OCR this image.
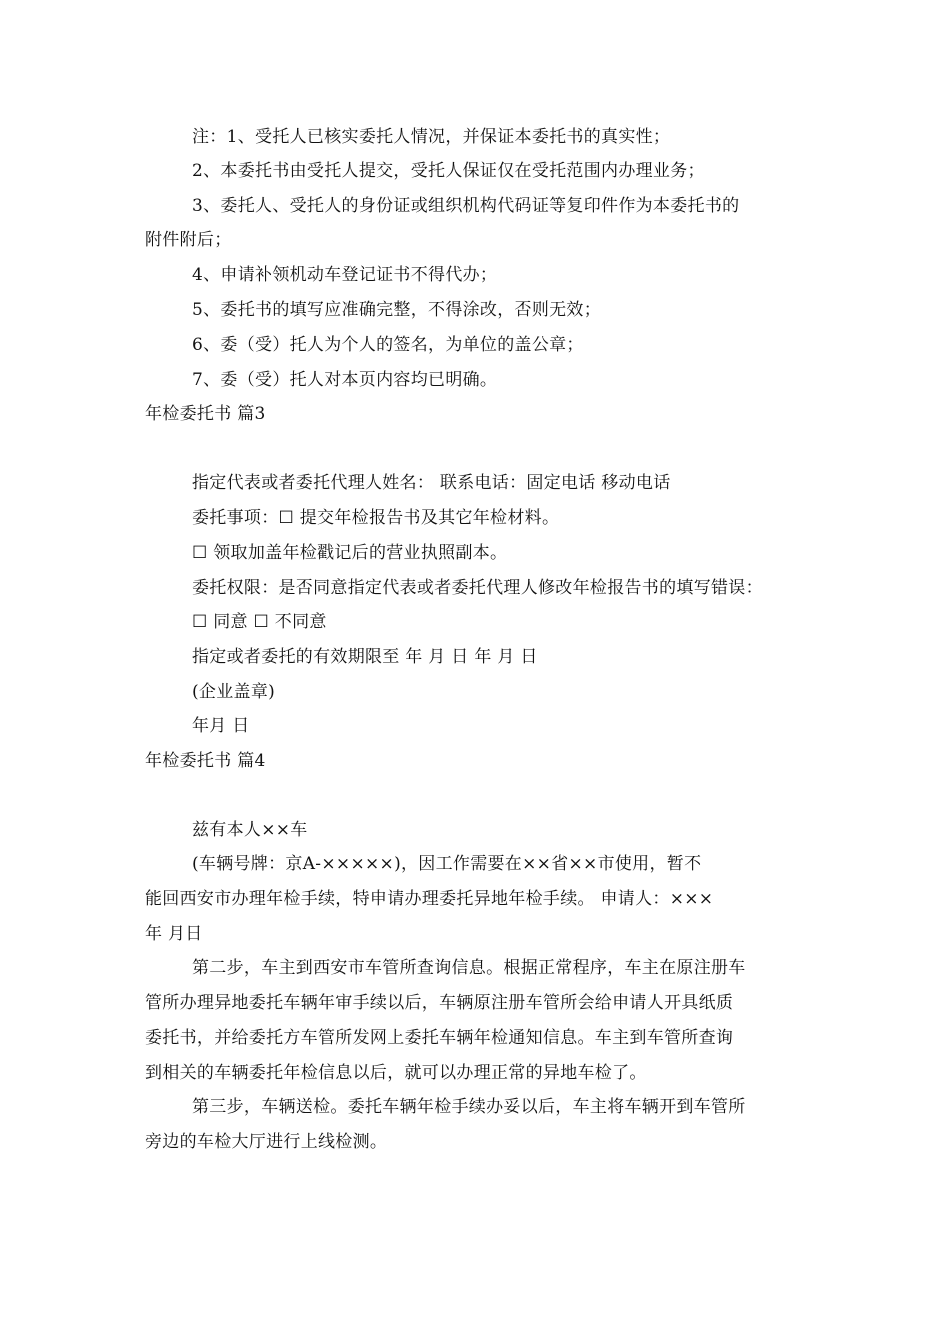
注：1、受托人已核实委托人情况，并保证本委托书的真实性；
2、本委托书由受托人提交，受托人保证仅在受托范围内办理业务；
3、委托人、受托人的身份证或组织机构代码证等复印件作为本委托书的
附件附后；
4、申请补领机动车登记证书不得代办；
5、委托书的填写应准确完整，不得涂改，否则无效；
6、委（受）托人为个人的签名，为单位的盖公章；
7、委（受）托人对本页内容均已明确。
年检委托书 篇3
指定代表或者委托代理人姓名： 联系电话：固定电话 移动电话
委托事项：☐ 提交年检报告书及其它年检材料。
☐ 领取加盖年检戳记后的营业执照副本。
委托权限：是否同意指定代表或者委托代理人修改年检报告书的填写错误：
☐ 同意 ☐ 不同意
指定或者委托的有效期限至 年 月 日 年 月 日
(企业盖章)
年月 日
年检委托书 篇4
兹有本人××车
(车辆号牌：京A-×××××)，因工作需要在××省××市使用，暂不
能回西安市办理年检手续，特申请办理委托异地年检手续。 申请人：×××
年 月日
第二步，车主到西安市车管所查询信息。根据正常程序，车主在原注册车
管所办理异地委托车辆年审手续以后，车辆原注册车管所会给申请人开具纸质
委托书，并给委托方车管所发网上委托车辆年检通知信息。车主到车管所查询
到相关的车辆委托年检信息以后，就可以办理正常的异地车检了。
第三步，车辆送检。委托车辆年检手续办妥以后，车主将车辆开到车管所
旁边的车检大厅进行上线检测。
